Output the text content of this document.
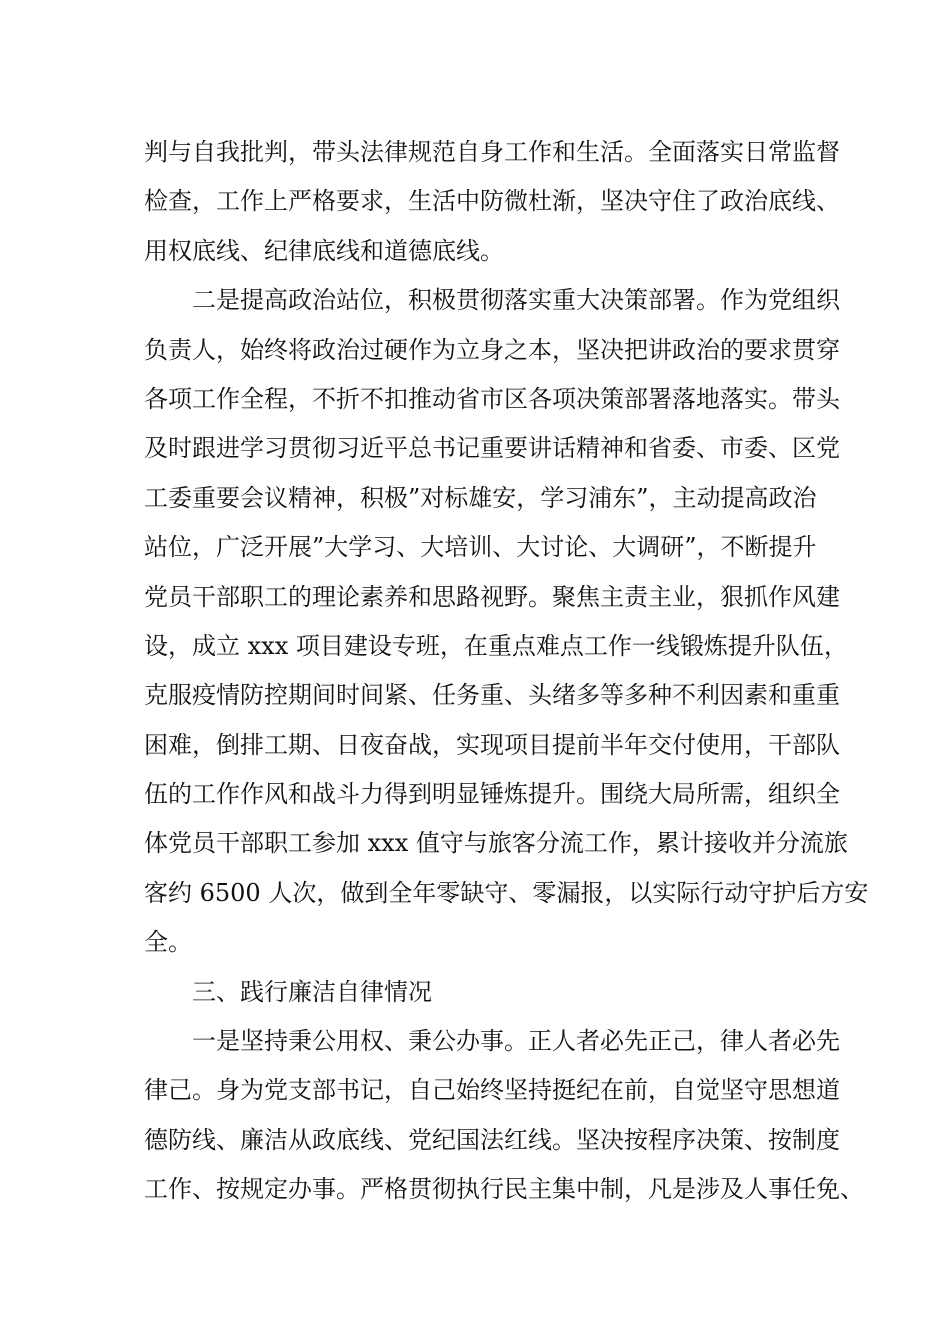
判与自我批判，带头法律规范自身工作和生活。全面落实日常监督
检查，工作上严格要求，生活中防微杜渐，坚决守住了政治底线、
用权底线、纪律底线和道德底线。
二是提高政治站位，积极贯彻落实重大决策部署。作为党组织
负责人，始终将政治过硬作为立身之本，坚决把讲政治的要求贯穿
各项工作全程，不折不扣推动省市区各项决策部署落地落实。带头
及时跟进学习贯彻习近平总书记重要讲话精神和省委、市委、区党
工委重要会议精神，积极”对标雄安，学习浦东”，主动提高政治
站位，广泛开展”大学习、大培训、大讨论、大调研”，不断提升
党员干部职工的理论素养和思路视野。聚焦主责主业，狠抓作风建
设，成立 xxx 项目建设专班，在重点难点工作一线锻炼提升队伍，
克服疫情防控期间时间紧、任务重、头绪多等多种不利因素和重重
困难，倒排工期、日夜奋战，实现项目提前半年交付使用，干部队
伍的工作作风和战斗力得到明显锤炼提升。围绕大局所需，组织全
体党员干部职工参加 xxx 值守与旅客分流工作，累计接收并分流旅
客约 6500 人次，做到全年零缺守、零漏报，以实际行动守护后方安
全。
三、践行廉洁自律情况
一是坚持秉公用权、秉公办事。正人者必先正己，律人者必先
律己。身为党支部书记，自己始终坚持挺纪在前，自觉坚守思想道
德防线、廉洁从政底线、党纪国法红线。坚决按程序决策、按制度
工作、按规定办事。严格贯彻执行民主集中制，凡是涉及人事任免、
